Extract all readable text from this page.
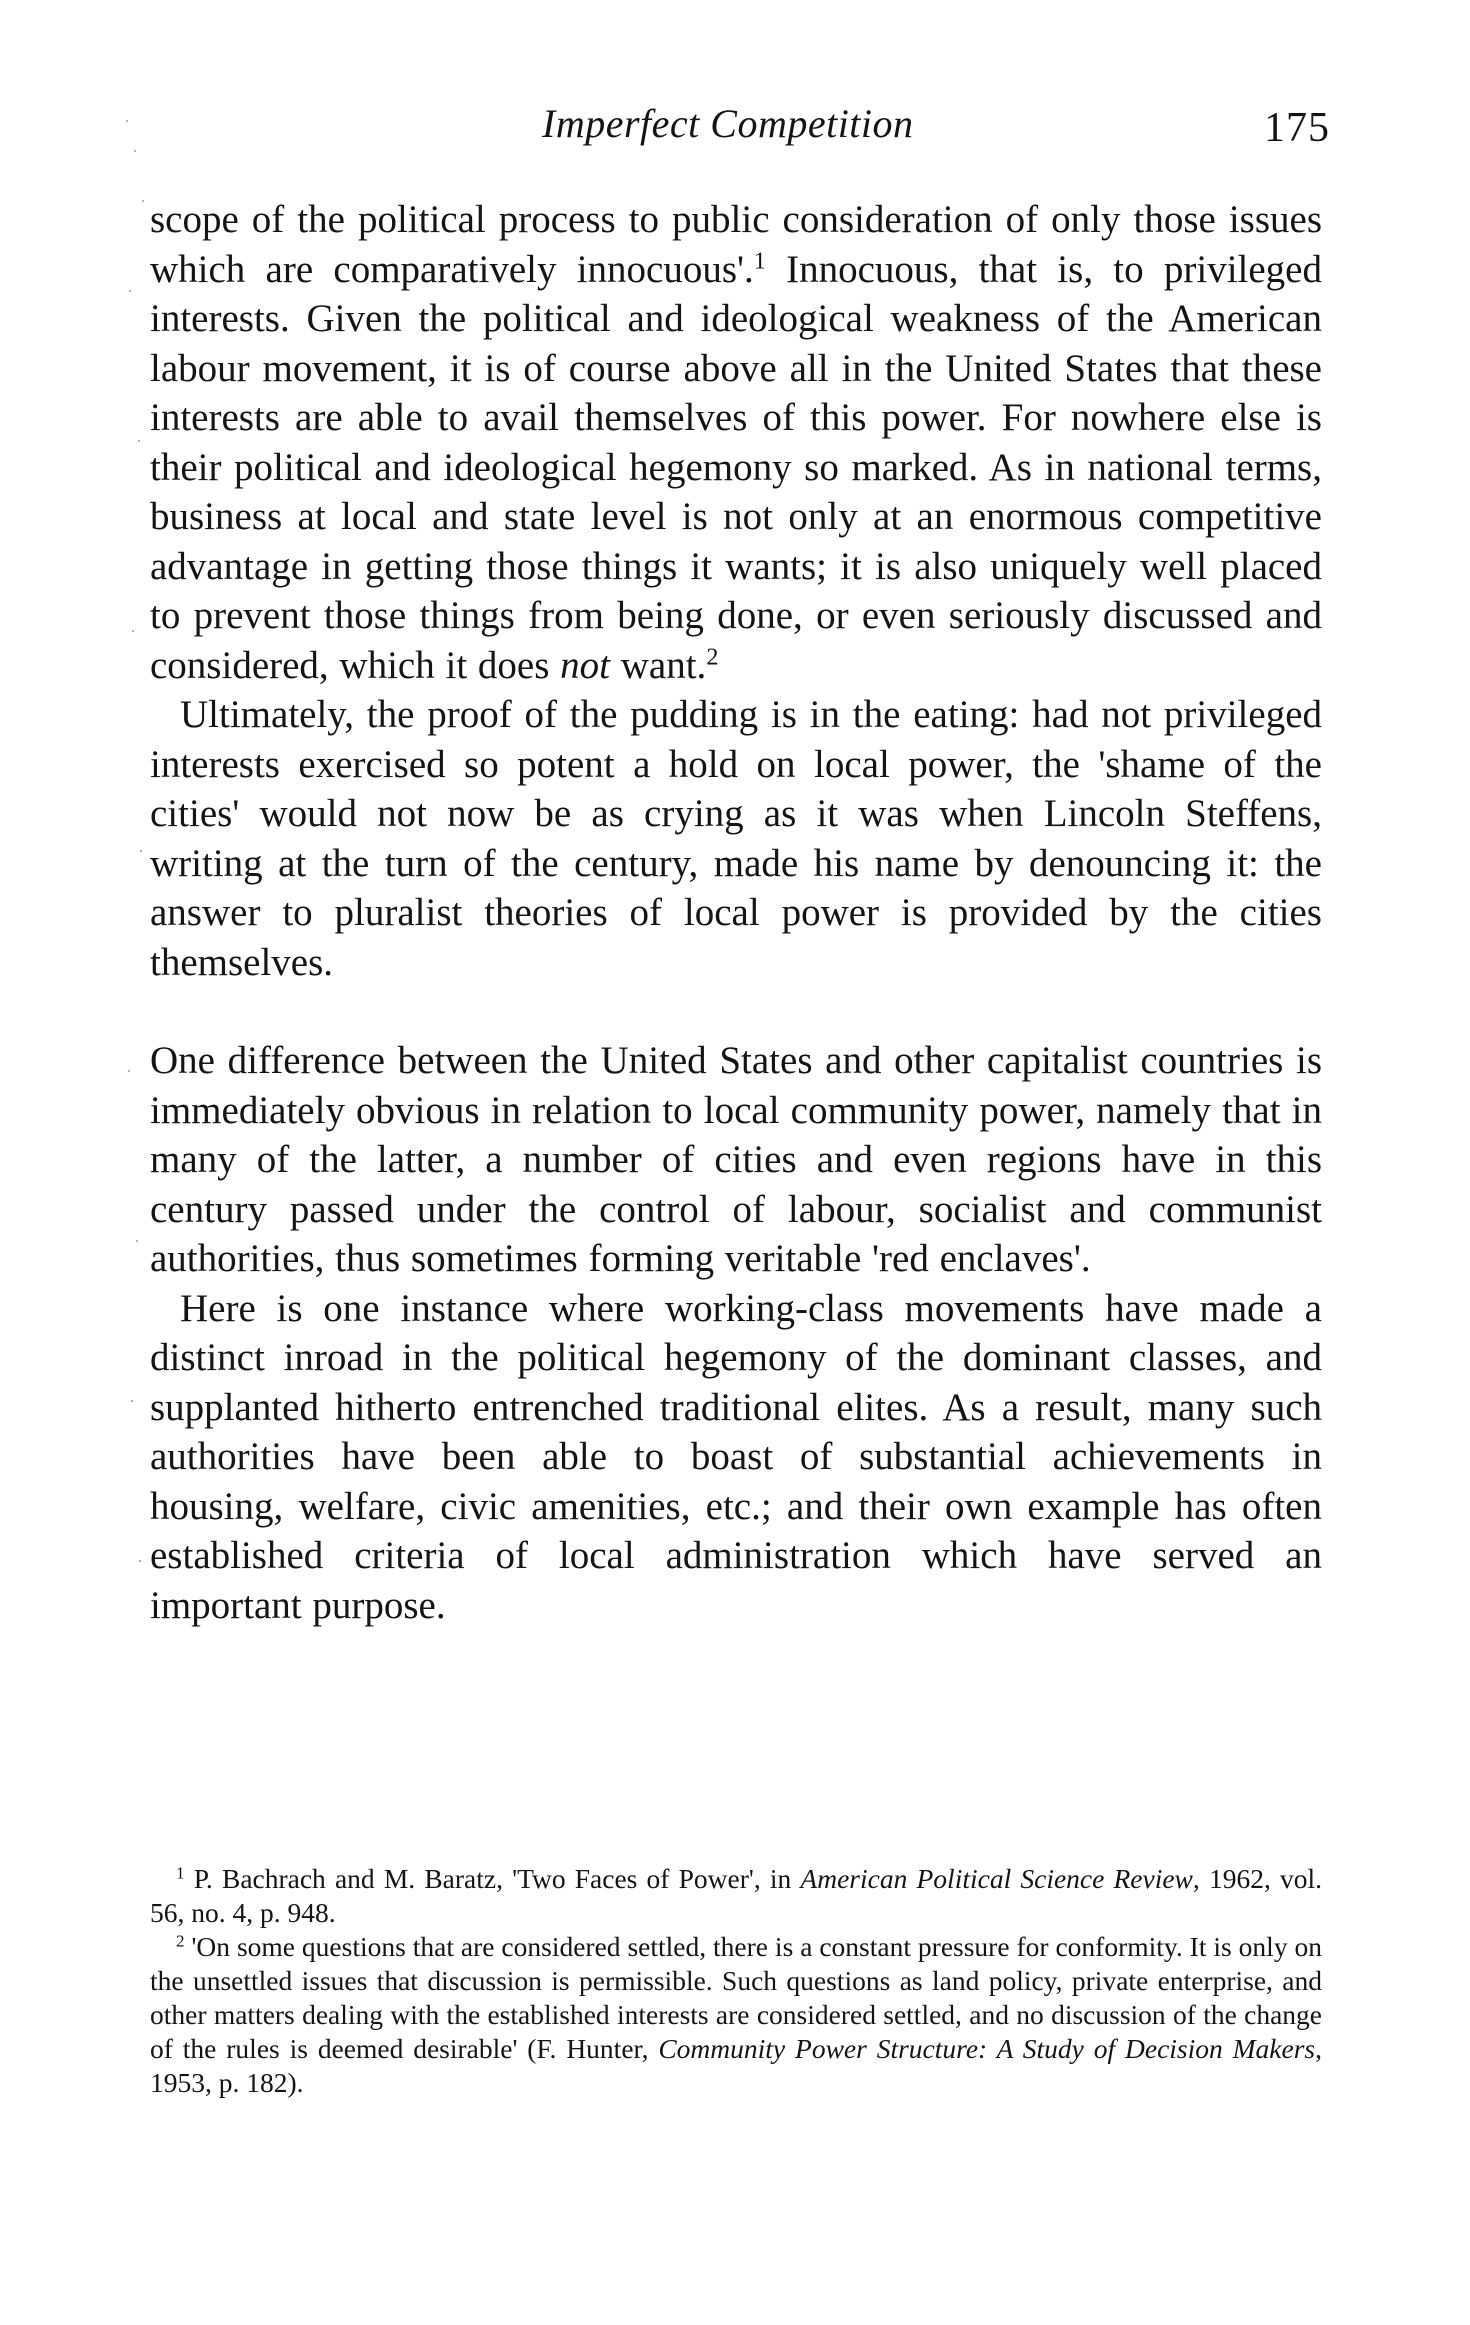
Imperfect Competition	175

scope of the political process to public consideration of only those issues which are comparatively innocuous'.$^1$ Innocuous, that is, to privileged interests. Given the political and ideological weakness of the American labour movement, it is of course above all in the United States that these interests are able to avail themselves of this power. For nowhere else is their political and ideological hegemony so marked. As in national terms, business at local and state level is not only at an enormous competitive advantage in getting those things it wants; it is also uniquely well placed to prevent those things from being done, or even seriously discussed and considered, which it does not want.$^2$

Ultimately, the proof of the pudding is in the eating: had not privileged interests exercised so potent a hold on local power, the 'shame of the cities' would not now be as crying as it was when Lincoln Steffens, writing at the turn of the century, made his name by denouncing it: the answer to pluralist theories of local power is provided by the cities themselves.

One difference between the United States and other capitalist countries is immediately obvious in relation to local community power, namely that in many of the latter, a number of cities and even regions have in this century passed under the control of labour, socialist and communist authorities, thus sometimes forming veritable 'red enclaves'.

Here is one instance where working-class movements have made a distinct inroad in the political hegemony of the dominant classes, and supplanted hitherto entrenched traditional elites. As a result, many such authorities have been able to boast of substantial achievements in housing, welfare, civic amenities, etc.; and their own example has often established criteria of local administration which have served an important purpose.

$^1$ P. Bachrach and M. Baratz, 'Two Faces of Power', in American Political Science Review, 1962, vol. 56, no. 4, p. 948.

$^2$ 'On some questions that are considered settled, there is a constant pressure for conformity. It is only on the unsettled issues that discussion is permissible. Such questions as land policy, private enterprise, and other matters dealing with the established interests are considered settled, and no discussion of the change of the rules is deemed desirable' (F. Hunter, Community Power Structure: A Study of Decision Makers, 1953, p. 182).
